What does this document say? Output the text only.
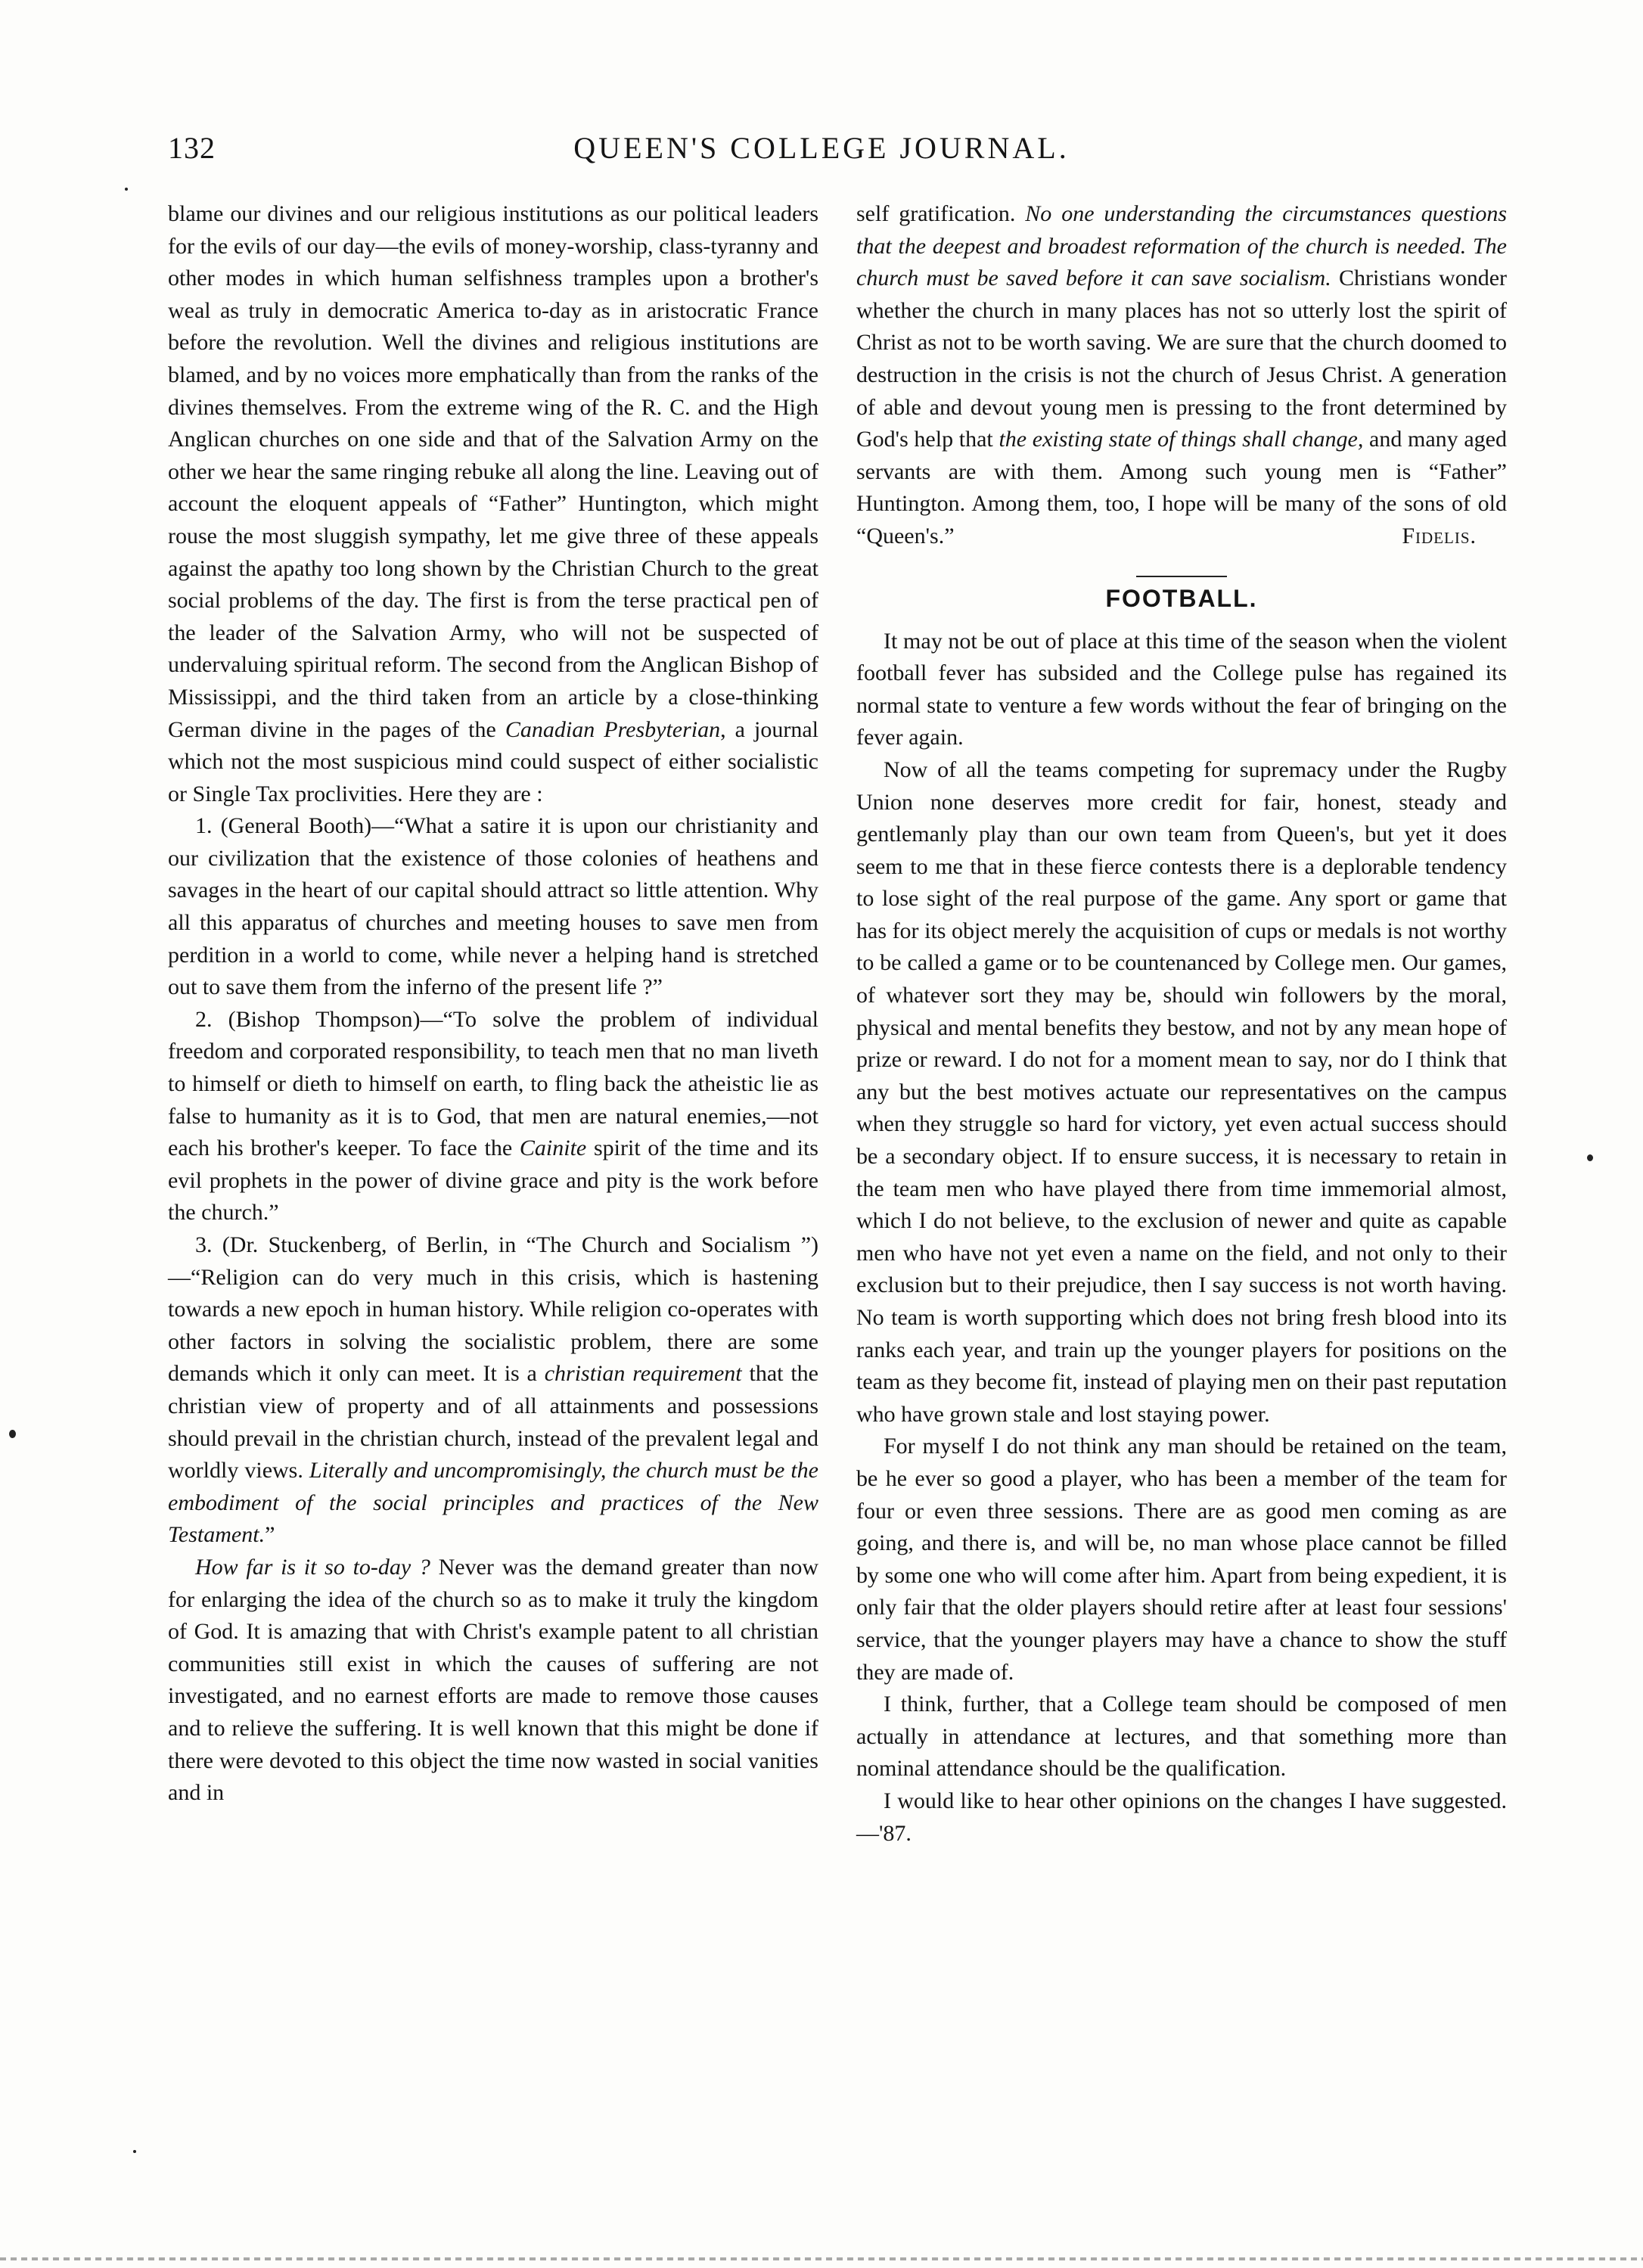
132	QUEEN'S COLLEGE JOURNAL.

blame our divines and our religious institutions as our political leaders for the evils of our day—the evils of money-worship, class-tyranny and other modes in which human selfishness tramples upon a brother's weal as truly in democratic America to-day as in aristocratic France before the revolution. Well the divines and religious institutions are blamed, and by no voices more emphatically than from the ranks of the divines themselves. From the extreme wing of the R. C. and the High Anglican churches on one side and that of the Salvation Army on the other we hear the same ringing rebuke all along the line. Leaving out of account the eloquent appeals of “Father” Huntington, which might rouse the most sluggish sympathy, let me give three of these appeals against the apathy too long shown by the Christian Church to the great social problems of the day. The first is from the terse practical pen of the leader of the Salvation Army, who will not be suspected of undervaluing spiritual reform. The second from the Anglican Bishop of Mississippi, and the third taken from an article by a close-thinking German divine in the pages of the Canadian Presbyterian, a journal which not the most suspicious mind could suspect of either socialistic or Single Tax proclivities. Here they are :

1. (General Booth)—“What a satire it is upon our christianity and our civilization that the existence of those colonies of heathens and savages in the heart of our capital should attract so little attention. Why all this apparatus of churches and meeting houses to save men from perdition in a world to come, while never a helping hand is stretched out to save them from the inferno of the present life ?”

2. (Bishop Thompson)—“To solve the problem of individual freedom and corporated responsibility, to teach men that no man liveth to himself or dieth to himself on earth, to fling back the atheistic lie as false to humanity as it is to God, that men are natural enemies,—not each his brother's keeper. To face the Cainite spirit of the time and its evil prophets in the power of divine grace and pity is the work before the church.”

3. (Dr. Stuckenberg, of Berlin, in “The Church and Socialism ”)—“Religion can do very much in this crisis, which is hastening towards a new epoch in human history. While religion co-operates with other factors in solving the socialistic problem, there are some demands which it only can meet. It is a christian requirement that the christian view of property and of all attainments and possessions should prevail in the christian church, instead of the prevalent legal and worldly views. Literally and uncompromisingly, the church must be the embodiment of the social principles and practices of the New Testament.”

How far is it so to-day ? Never was the demand greater than now for enlarging the idea of the church so as to make it truly the kingdom of God. It is amazing that with Christ's example patent to all christian communities still exist in which the causes of suffering are not investigated, and no earnest efforts are made to remove those causes and to relieve the suffering. It is well known that this might be done if there were devoted to this object the time now wasted in social vanities and in

self gratification. No one understanding the circumstances questions that the deepest and broadest reformation of the church is needed. The church must be saved before it can save socialism. Christians wonder whether the church in many places has not so utterly lost the spirit of Christ as not to be worth saving. We are sure that the church doomed to destruction in the crisis is not the church of Jesus Christ. A generation of able and devout young men is pressing to the front determined by God's help that the existing state of things shall change, and many aged servants are with them. Among such young men is “Father” Huntington. Among them, too, I hope will be many of the sons of old “Queen's.”	Fidelis.

FOOTBALL.

It may not be out of place at this time of the season when the violent football fever has subsided and the College pulse has regained its normal state to venture a few words without the fear of bringing on the fever again.

Now of all the teams competing for supremacy under the Rugby Union none deserves more credit for fair, honest, steady and gentlemanly play than our own team from Queen's, but yet it does seem to me that in these fierce contests there is a deplorable tendency to lose sight of the real purpose of the game. Any sport or game that has for its object merely the acquisition of cups or medals is not worthy to be called a game or to be countenanced by College men. Our games, of whatever sort they may be, should win followers by the moral, physical and mental benefits they bestow, and not by any mean hope of prize or reward. I do not for a moment mean to say, nor do I think that any but the best motives actuate our representatives on the campus when they struggle so hard for victory, yet even actual success should be a secondary object. If to ensure success, it is necessary to retain in the team men who have played there from time immemorial almost, which I do not believe, to the exclusion of newer and quite as capable men who have not yet even a name on the field, and not only to their exclusion but to their prejudice, then I say success is not worth having. No team is worth supporting which does not bring fresh blood into its ranks each year, and train up the younger players for positions on the team as they become fit, instead of playing men on their past reputation who have grown stale and lost staying power.

For myself I do not think any man should be retained on the team, be he ever so good a player, who has been a member of the team for four or even three sessions. There are as good men coming as are going, and there is, and will be, no man whose place cannot be filled by some one who will come after him. Apart from being expedient, it is only fair that the older players should retire after at least four sessions' service, that the younger players may have a chance to show the stuff they are made of.

I think, further, that a College team should be composed of men actually in attendance at lectures, and that something more than nominal attendance should be the qualification.

I would like to hear other opinions on the changes I have suggested.—'87.
